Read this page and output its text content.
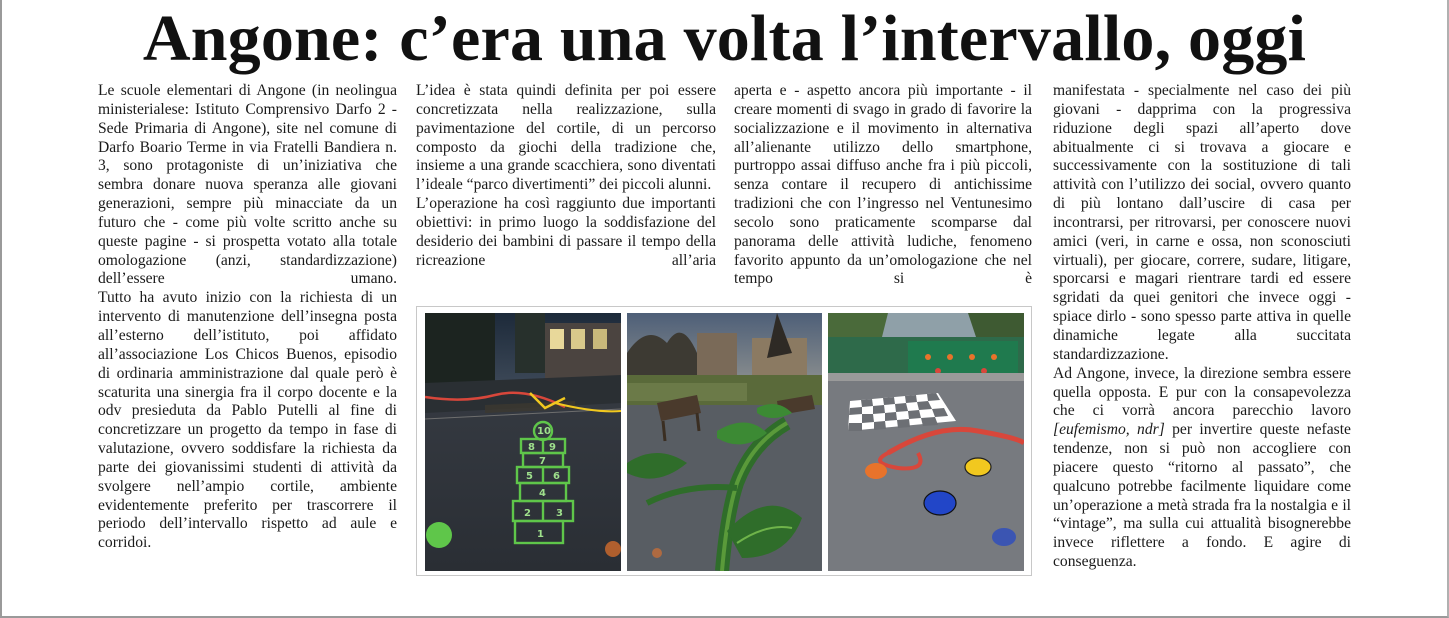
Angone: c’era una volta l’intervallo, oggi

Le scuole elementari di Angone (in neolingua ministerialese: Istituto Comprensivo Darfo 2 - Sede Primaria di Angone), site nel comune di Darfo Boario Terme in via Fratelli Bandiera n. 3, sono protagoniste di un’iniziativa che sembra donare nuova speranza alle giovani generazioni, sempre più minacciate da un futuro che - come più volte scritto anche su queste pagine - si prospetta votato alla totale omologazione (anzi, standardizzazione) dell’essere umano.

Tutto ha avuto inizio con la richiesta di un intervento di manutenzione dell’insegna posta all’esterno dell’istituto, poi affidato all’associazione Los Chicos Buenos, episodio di ordinaria amministrazione dal quale però è scaturita una sinergia fra il corpo docente e la odv presieduta da Pablo Putelli al fine di concretizzare un progetto da tempo in fase di valutazione, ovvero soddisfare la richiesta da parte dei giovanissimi studenti di attività da svolgere nell’ampio cortile, ambiente evidentemente preferito per trascorrere il periodo dell’intervallo rispetto ad aule e corridoi.

L’idea è stata quindi definita per poi essere concretizzata nella realizzazione, sulla pavimentazione del cortile, di un percorso composto da giochi della tradizione che, insieme a una grande scacchiera, sono diventati l’ideale “parco divertimenti” dei piccoli alunni.

L’operazione ha così raggiunto due importanti obiettivi: in primo luogo la soddisfazione del desiderio dei bambini di passare il tempo della ricreazione all’aria

aperta e - aspetto ancora più importante - il creare momenti di svago in grado di favorire la socializzazione e il movimento in alternativa all’alienante utilizzo dello smartphone, purtroppo assai diffuso anche fra i più piccoli, senza contare il recupero di antichissime tradizioni che con l’ingresso nel Ventunesimo secolo sono praticamente scomparse dal panorama delle attività ludiche, fenomeno favorito appunto da un’omologazione che nel tempo si è

manifestata - specialmente nel caso dei più giovani - dapprima con la progressiva riduzione degli spazi all’aperto dove abitualmente ci si trovava a giocare e successivamente con la sostituzione di tali attività con l’utilizzo dei social, ovvero quanto di più lontano dall’uscire di casa per incontrarsi, per ritrovarsi, per conoscere nuovi amici (veri, in carne e ossa, non sconosciuti virtuali), per giocare, correre, sudare, litigare, sporcarsi e magari rientrare tardi ed essere sgridati da quei genitori che invece oggi - spiace dirlo - sono spesso parte attiva in quelle dinamiche legate alla succitata standardizzazione.

Ad Angone, invece, la direzione sembra essere quella opposta. E pur con la consapevolezza che ci vorrà ancora parecchio lavoro [eufemismo, ndr] per invertire queste nefaste tendenze, non si può non accogliere con piacere questo “ritorno al passato”, che qualcuno potrebbe facilmente liquidare come un’operazione a metà strada fra la nostalgia e il “vintage”, ma sulla cui attualità bisognerebbe invece riflettere a fondo. E agire di conseguenza.

10
8 9
7
5 6
4
2	3
1
